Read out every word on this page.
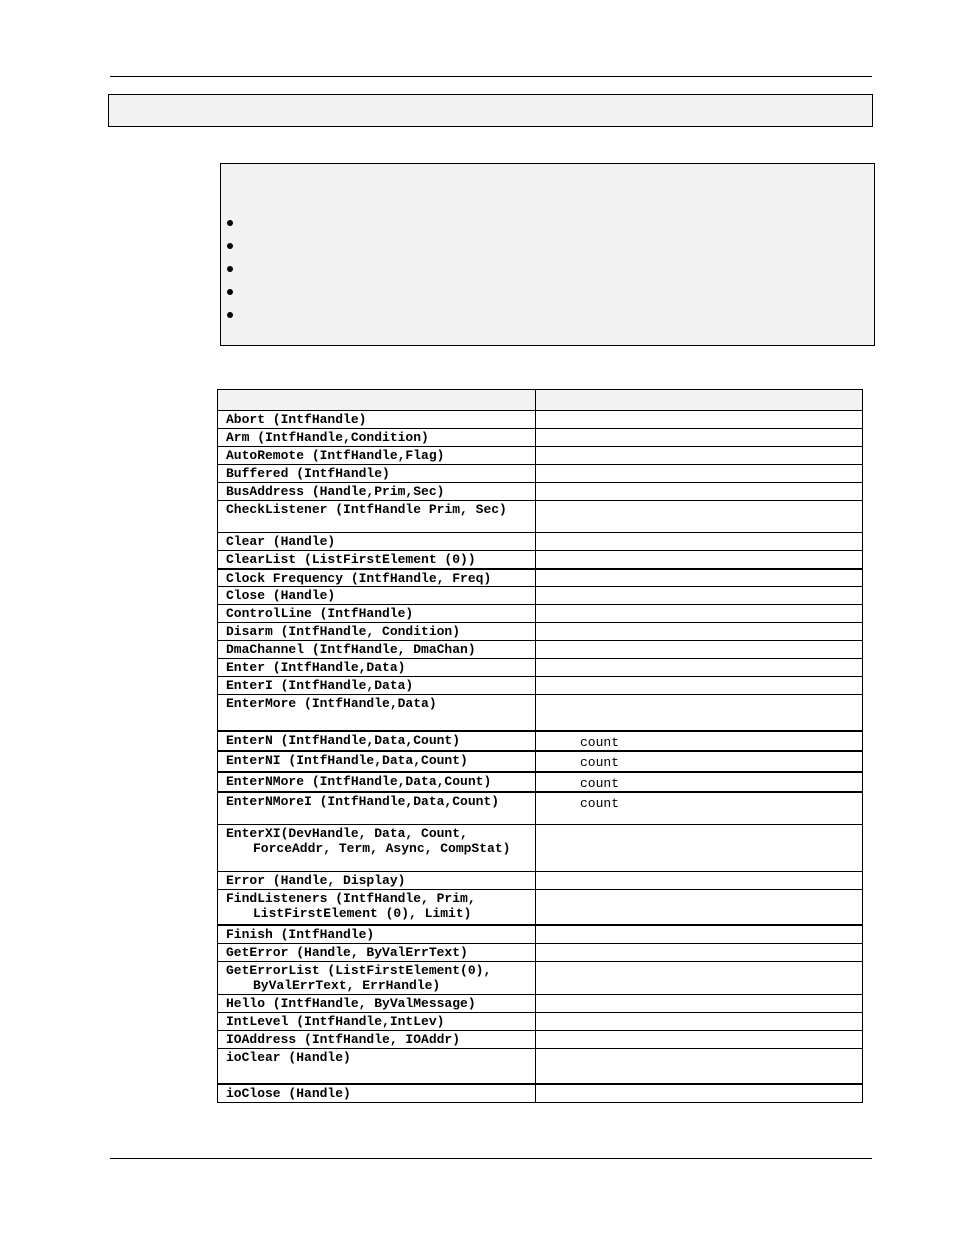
Abort (IntfHandle)	

Arm (IntfHandle,Condition)	

AutoRemote (IntfHandle,Flag)	

Buffered (IntfHandle)	

BusAddress (Handle,Prim,Sec)	

CheckListener (IntfHandle Prim, Sec)	

Clear (Handle)	

ClearList (ListFirstElement (0))	

Clock Frequency (IntfHandle, Freq)	

Close (Handle)	

ControlLine (IntfHandle)	

Disarm (IntfHandle, Condition)	

DmaChannel (IntfHandle, DmaChan)	

Enter (IntfHandle,Data)	

EnterI (IntfHandle,Data)	

EnterMore (IntfHandle,Data)	

EnterN (IntfHandle,Data,Count)	count

EnterNI (IntfHandle,Data,Count)	count

EnterNMore (IntfHandle,Data,Count)	count

EnterNMoreI (IntfHandle,Data,Count)	count

EnterXI(DevHandle, Data, Count, ForceAddr, Term, Async, CompStat)	

Error (Handle, Display)	

FindListeners (IntfHandle, Prim, ListFirstElement (0), Limit)	

Finish (IntfHandle)	

GetError (Handle, ByValErrText)	

GetErrorList (ListFirstElement(0), ByValErrText, ErrHandle)	

Hello (IntfHandle, ByValMessage)	

IntLevel (IntfHandle,IntLev)	

IOAddress (IntfHandle, IOAddr)	

ioClear (Handle)	

ioClose (Handle)	
